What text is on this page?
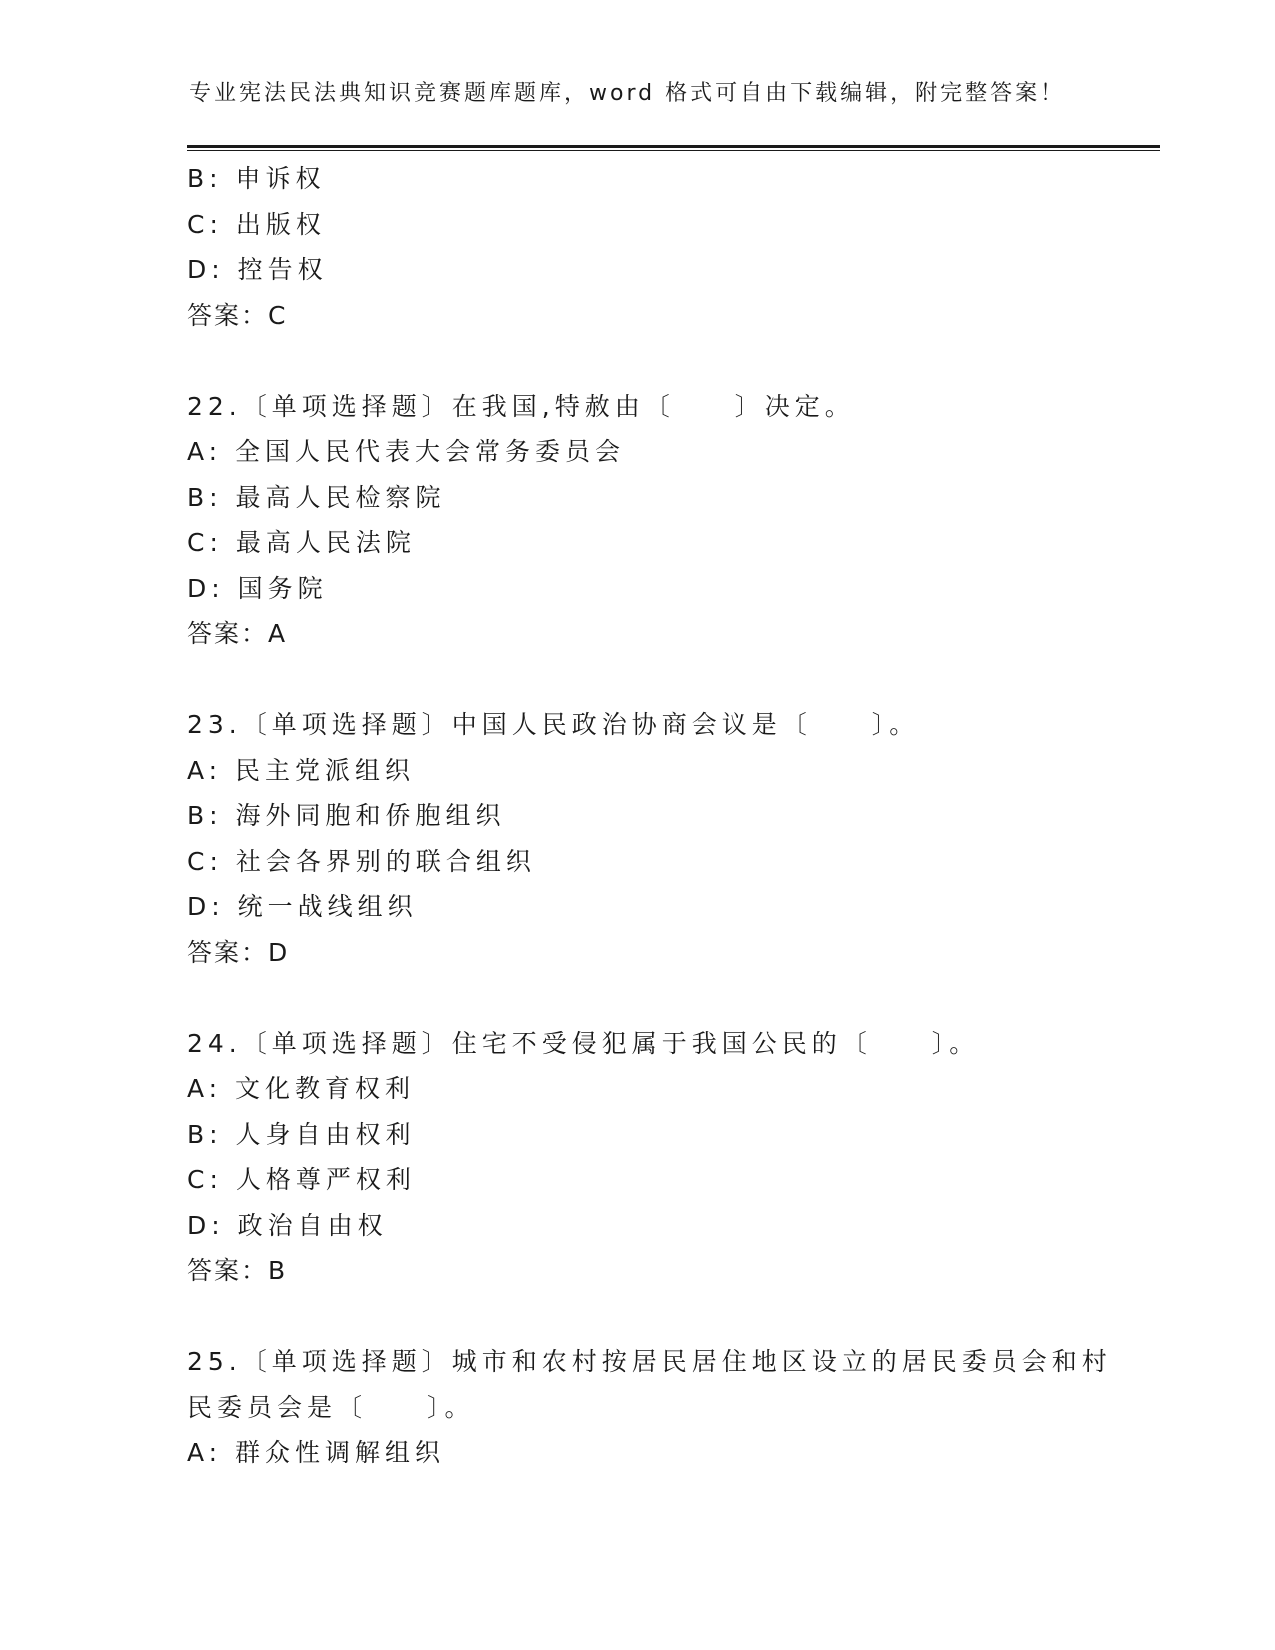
专业宪法民法典知识竞赛题库题库，word 格式可自由下载编辑，附完整答案！
B: 申诉权
C: 出版权
D: 控告权
答案：C
22.〔单项选择题〕在我国,特赦由〔　　〕决定。
A: 全国人民代表大会常务委员会
B: 最高人民检察院
C: 最高人民法院
D: 国务院
答案：A
23.〔单项选择题〕中国人民政治协商会议是〔　　〕。
A: 民主党派组织
B: 海外同胞和侨胞组织
C: 社会各界别的联合组织
D: 统一战线组织
答案：D
24.〔单项选择题〕住宅不受侵犯属于我国公民的〔　　〕。
A: 文化教育权利
B: 人身自由权利
C: 人格尊严权利
D: 政治自由权
答案：B
25.〔单项选择题〕城市和农村按居民居住地区设立的居民委员会和村
民委员会是〔　　〕。
A: 群众性调解组织
